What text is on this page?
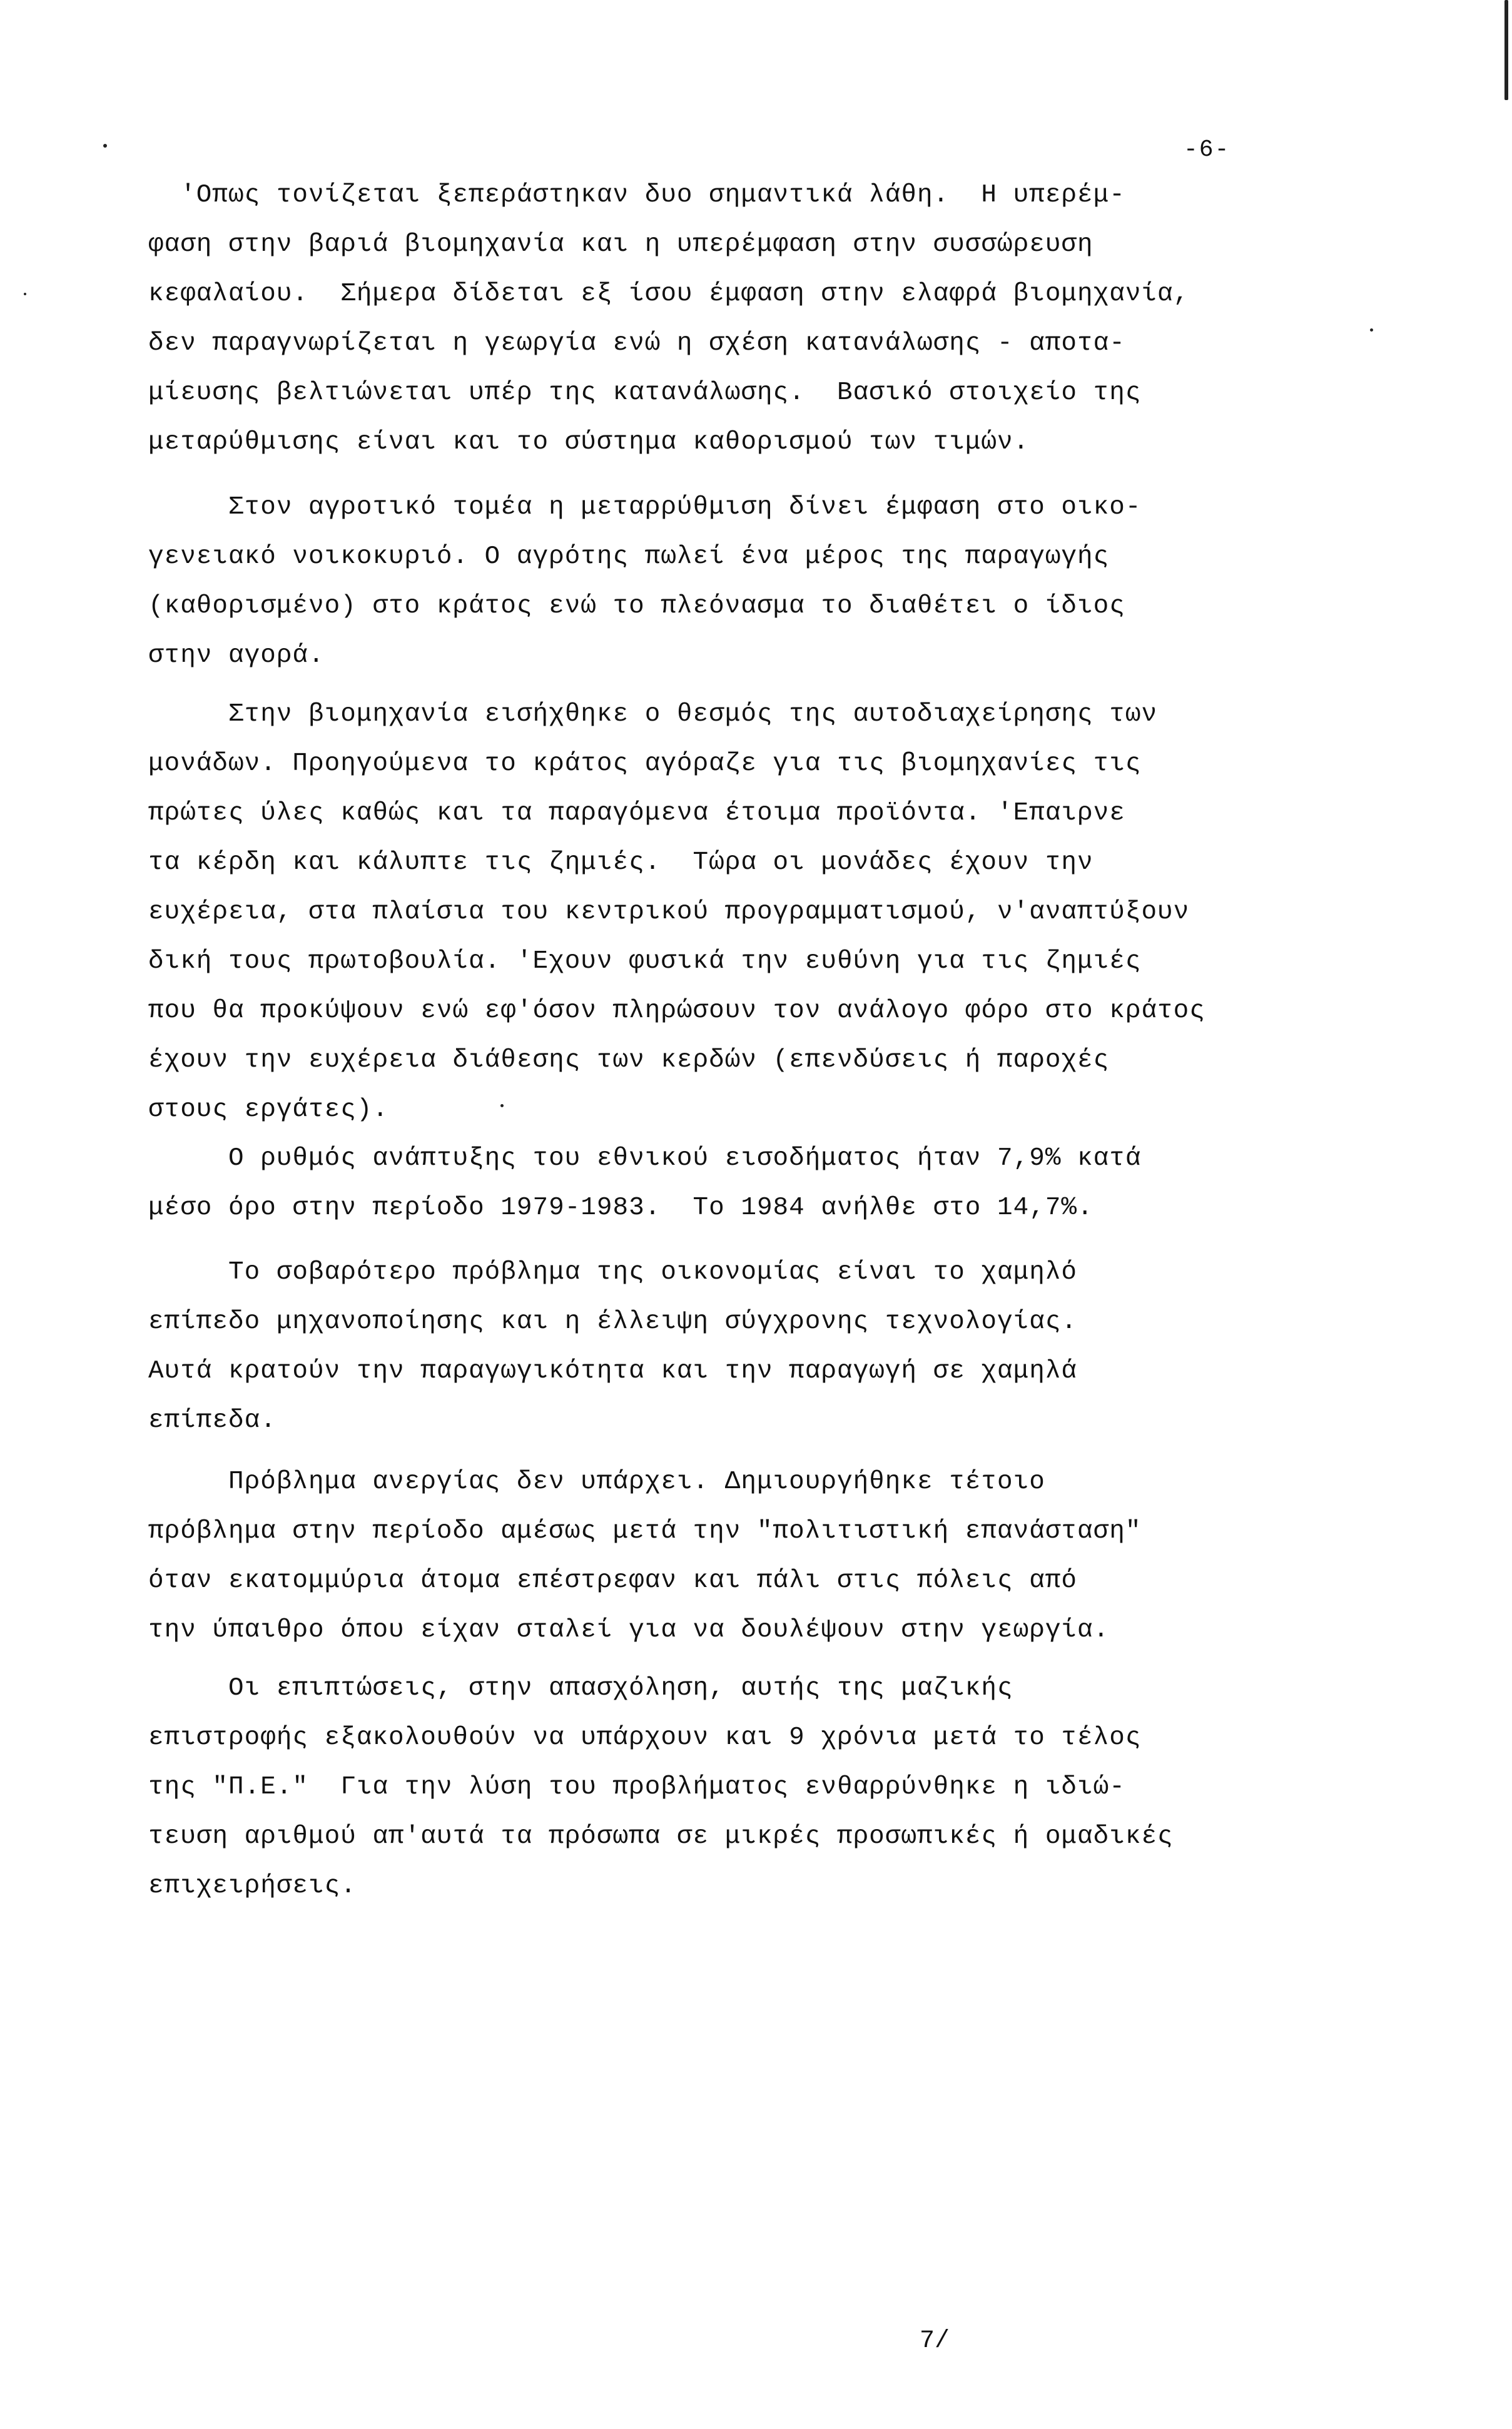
-6-
'Οπως τονίζεται ξεπεράστηκαν δυο σημαντικά λάθη.  Η υπερέμ-
φαση στην βαριά βιομηχανία και η υπερέμφαση στην συσσώρευση
κεφαλαίου.  Σήμερα δίδεται εξ ίσου έμφαση στην ελαφρά βιομηχανία,
δεν παραγνωρίζεται η γεωργία ενώ η σχέση κατανάλωσης - αποτα-
μίευσης βελτιώνεται υπέρ της κατανάλωσης.  Βασικό στοιχείο της
μεταρύθμισης είναι και το σύστημα καθορισμού των τιμών.
Στον αγροτικό τομέα η μεταρρύθμιση δίνει έμφαση στο οικο-
γενειακό νοικοκυριό. Ο αγρότης πωλεί ένα μέρος της παραγωγής
(καθορισμένο) στο κράτος ενώ το πλεόνασμα το διαθέτει ο ίδιος
στην αγορά.
Στην βιομηχανία εισήχθηκε ο θεσμός της αυτοδιαχείρησης των
μονάδων. Προηγούμενα το κράτος αγόραζε για τις βιομηχανίες τις
πρώτες ύλες καθώς και τα παραγόμενα έτοιμα προϊόντα. 'Επαιρνε
τα κέρδη και κάλυπτε τις ζημιές.  Τώρα οι μονάδες έχουν την
ευχέρεια, στα πλαίσια του κεντρικού προγραμματισμού, ν'αναπτύξουν
δική τους πρωτοβουλία. 'Εχουν φυσικά την ευθύνη για τις ζημιές
που θα προκύψουν ενώ εφ'όσον πληρώσουν τον ανάλογο φόρο στο κράτος
έχουν την ευχέρεια διάθεσης των κερδών (επενδύσεις ή παροχές
στους εργάτες).
Ο ρυθμός ανάπτυξης του εθνικού εισοδήματος ήταν 7,9% κατά
μέσο όρο στην περίοδο 1979-1983.  Το 1984 ανήλθε στο 14,7%.
Το σοβαρότερο πρόβλημα της οικονομίας είναι το χαμηλό
επίπεδο μηχανοποίησης και η έλλειψη σύγχρονης τεχνολογίας.
Αυτά κρατούν την παραγωγικότητα και την παραγωγή σε χαμηλά
επίπεδα.
Πρόβλημα ανεργίας δεν υπάρχει. Δημιουργήθηκε τέτοιο
πρόβλημα στην περίοδο αμέσως μετά την "πολιτιστική επανάσταση"
όταν εκατομμύρια άτομα επέστρεφαν και πάλι στις πόλεις από
την ύπαιθρο όπου είχαν σταλεί για να δουλέψουν στην γεωργία.
Οι επιπτώσεις, στην απασχόληση, αυτής της μαζικής
επιστροφής εξακολουθούν να υπάρχουν και 9 χρόνια μετά το τέλος
της "Π.Ε."  Για την λύση του προβλήματος ενθαρρύνθηκε η ιδιώ-
τευση αριθμού απ'αυτά τα πρόσωπα σε μικρές προσωπικές ή ομαδικές
επιχειρήσεις.
7/
